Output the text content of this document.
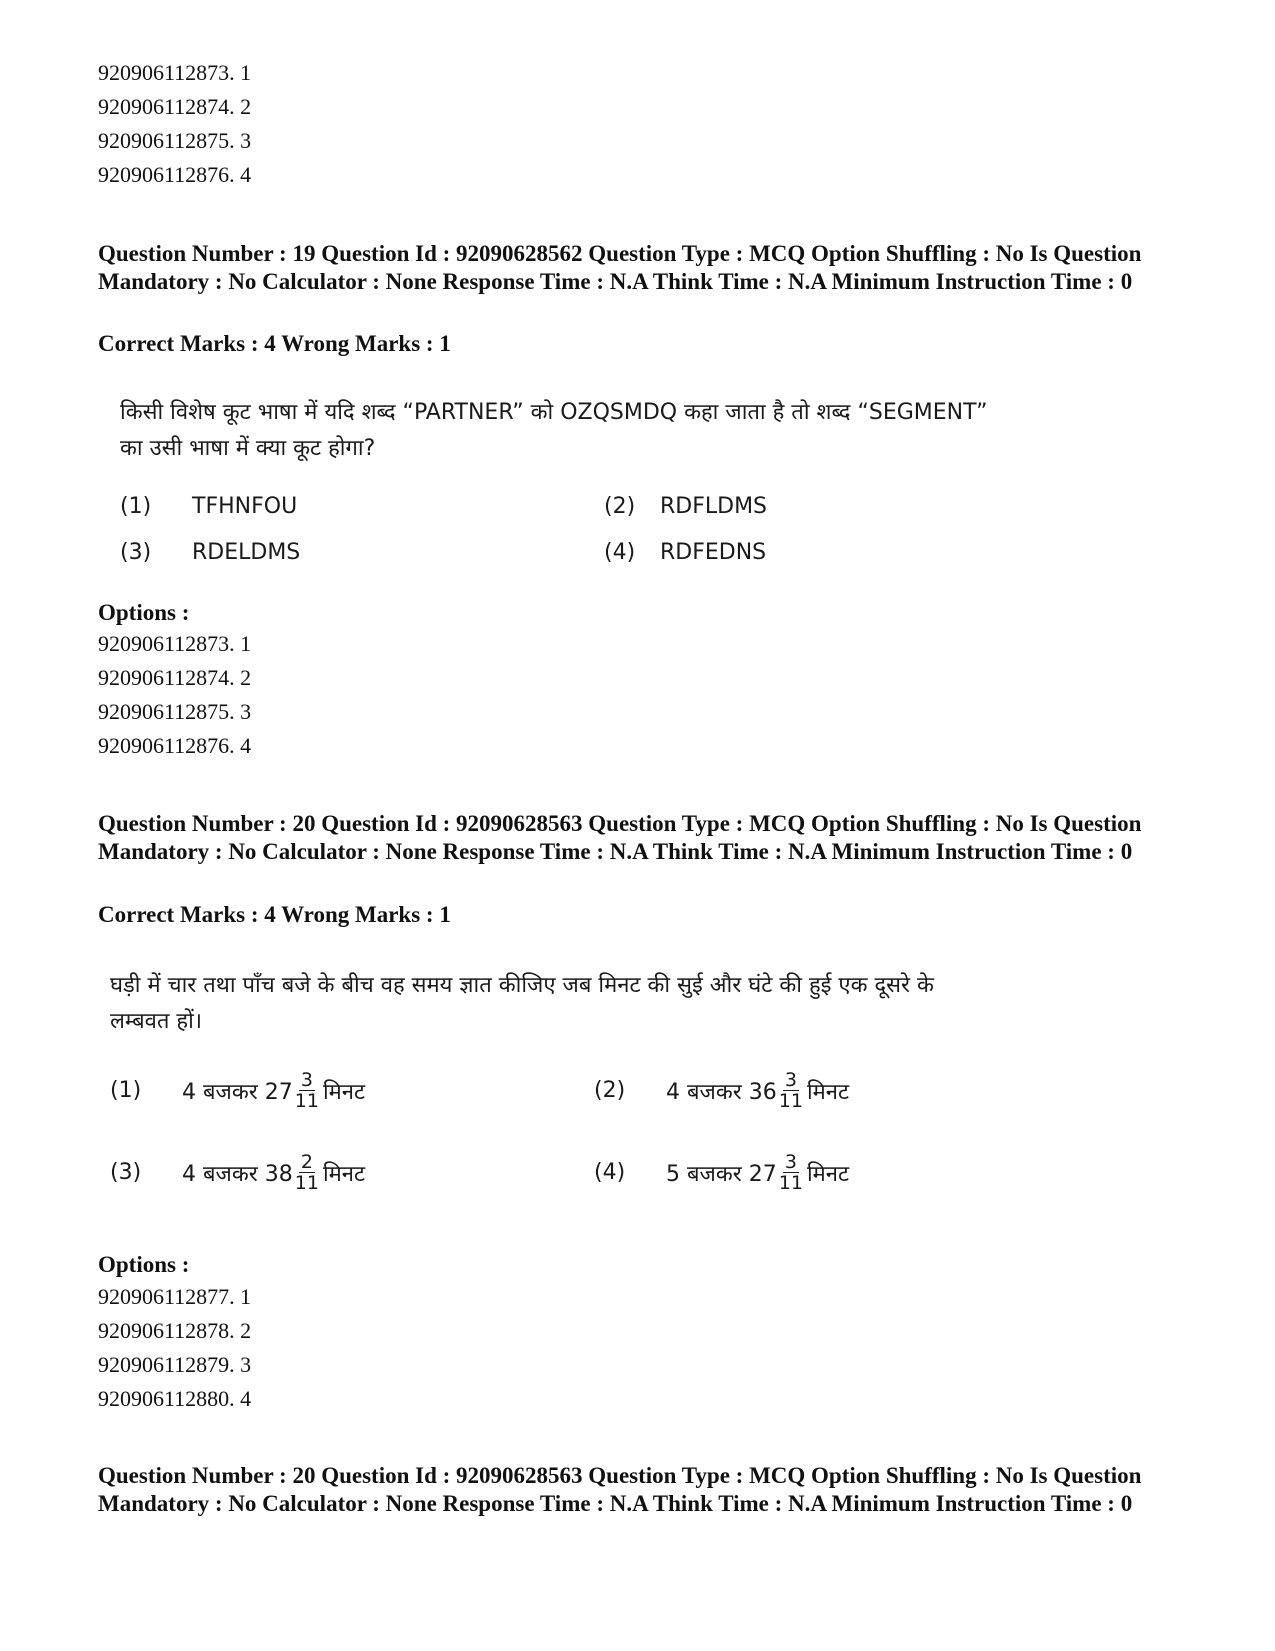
920906112873. 1
920906112874. 2
920906112875. 3
920906112876. 4
Question Number : 19 Question Id : 92090628562 Question Type : MCQ Option Shuffling : No Is Question Mandatory : No Calculator : None Response Time : N.A Think Time : N.A Minimum Instruction Time : 0
Correct Marks : 4 Wrong Marks : 1
किसी विशेष कूट भाषा में यदि शब्द “PARTNER” को OZQSMDQ कहा जाता है तो शब्द “SEGMENT”
का उसी भाषा में क्या कूट होगा?
(1)	TFHNFOU	(2)	RDFLDMS
(3)	RDELDMS	(4)	RDFEDNS
Options :
920906112873. 1
920906112874. 2
920906112875. 3
920906112876. 4
Question Number : 20 Question Id : 92090628563 Question Type : MCQ Option Shuffling : No Is Question Mandatory : No Calculator : None Response Time : N.A Think Time : N.A Minimum Instruction Time : 0
Correct Marks : 4 Wrong Marks : 1
घड़ी में चार तथा पाँच बजे के बीच वह समय ज्ञात कीजिए जब मिनट की सुई और घंटे की हुई एक दूसरे के
लम्बवत हों।
(1)	4 बजकर $27 \frac{3}{11}$ मिनट	(2)	4 बजकर $36 \frac{3}{11}$ मिनट
(3)	4 बजकर $38 \frac{2}{11}$ मिनट	(4)	5 बजकर $27 \frac{3}{11}$ मिनट
Options :
920906112877. 1
920906112878. 2
920906112879. 3
920906112880. 4
Question Number : 20 Question Id : 92090628563 Question Type : MCQ Option Shuffling : No Is Question Mandatory : No Calculator : None Response Time : N.A Think Time : N.A Minimum Instruction Time : 0
